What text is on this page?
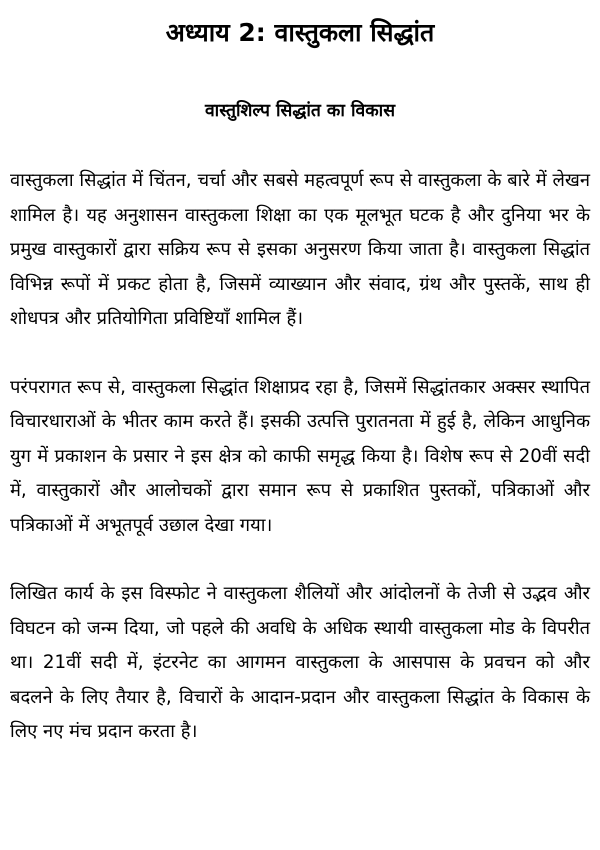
अध्याय 2: वास्तुकला सिद्धांत
वास्तुशिल्प सिद्धांत का विकास

वास्तुकला सिद्धांत में चिंतन, चर्चा और सबसे महत्वपूर्ण रूप से वास्तुकला के बारे में लेखन शामिल है। यह अनुशासन वास्तुकला शिक्षा का एक मूलभूत घटक है और दुनिया भर के प्रमुख वास्तुकारों द्वारा सक्रिय रूप से इसका अनुसरण किया जाता है। वास्तुकला सिद्धांत विभिन्न रूपों में प्रकट होता है, जिसमें व्याख्यान और संवाद, ग्रंथ और पुस्तकें, साथ ही शोधपत्र और प्रतियोगिता प्रविष्टियाँ शामिल हैं।

परंपरागत रूप से, वास्तुकला सिद्धांत शिक्षाप्रद रहा है, जिसमें सिद्धांतकार अक्सर स्थापित विचारधाराओं के भीतर काम करते हैं। इसकी उत्पत्ति पुरातनता में हुई है, लेकिन आधुनिक युग में प्रकाशन के प्रसार ने इस क्षेत्र को काफी समृद्ध किया है। विशेष रूप से 20वीं सदी में, वास्तुकारों और आलोचकों द्वारा समान रूप से प्रकाशित पुस्तकों, पत्रिकाओं और पत्रिकाओं में अभूतपूर्व उछाल देखा गया।

लिखित कार्य के इस विस्फोट ने वास्तुकला शैलियों और आंदोलनों के तेजी से उद्भव और विघटन को जन्म दिया, जो पहले की अवधि के अधिक स्थायी वास्तुकला मोड के विपरीत था। 21वीं सदी में, इंटरनेट का आगमन वास्तुकला के आसपास के प्रवचन को और बदलने के लिए तैयार है, विचारों के आदान-प्रदान और वास्तुकला सिद्धांत के विकास के लिए नए मंच प्रदान करता है।
